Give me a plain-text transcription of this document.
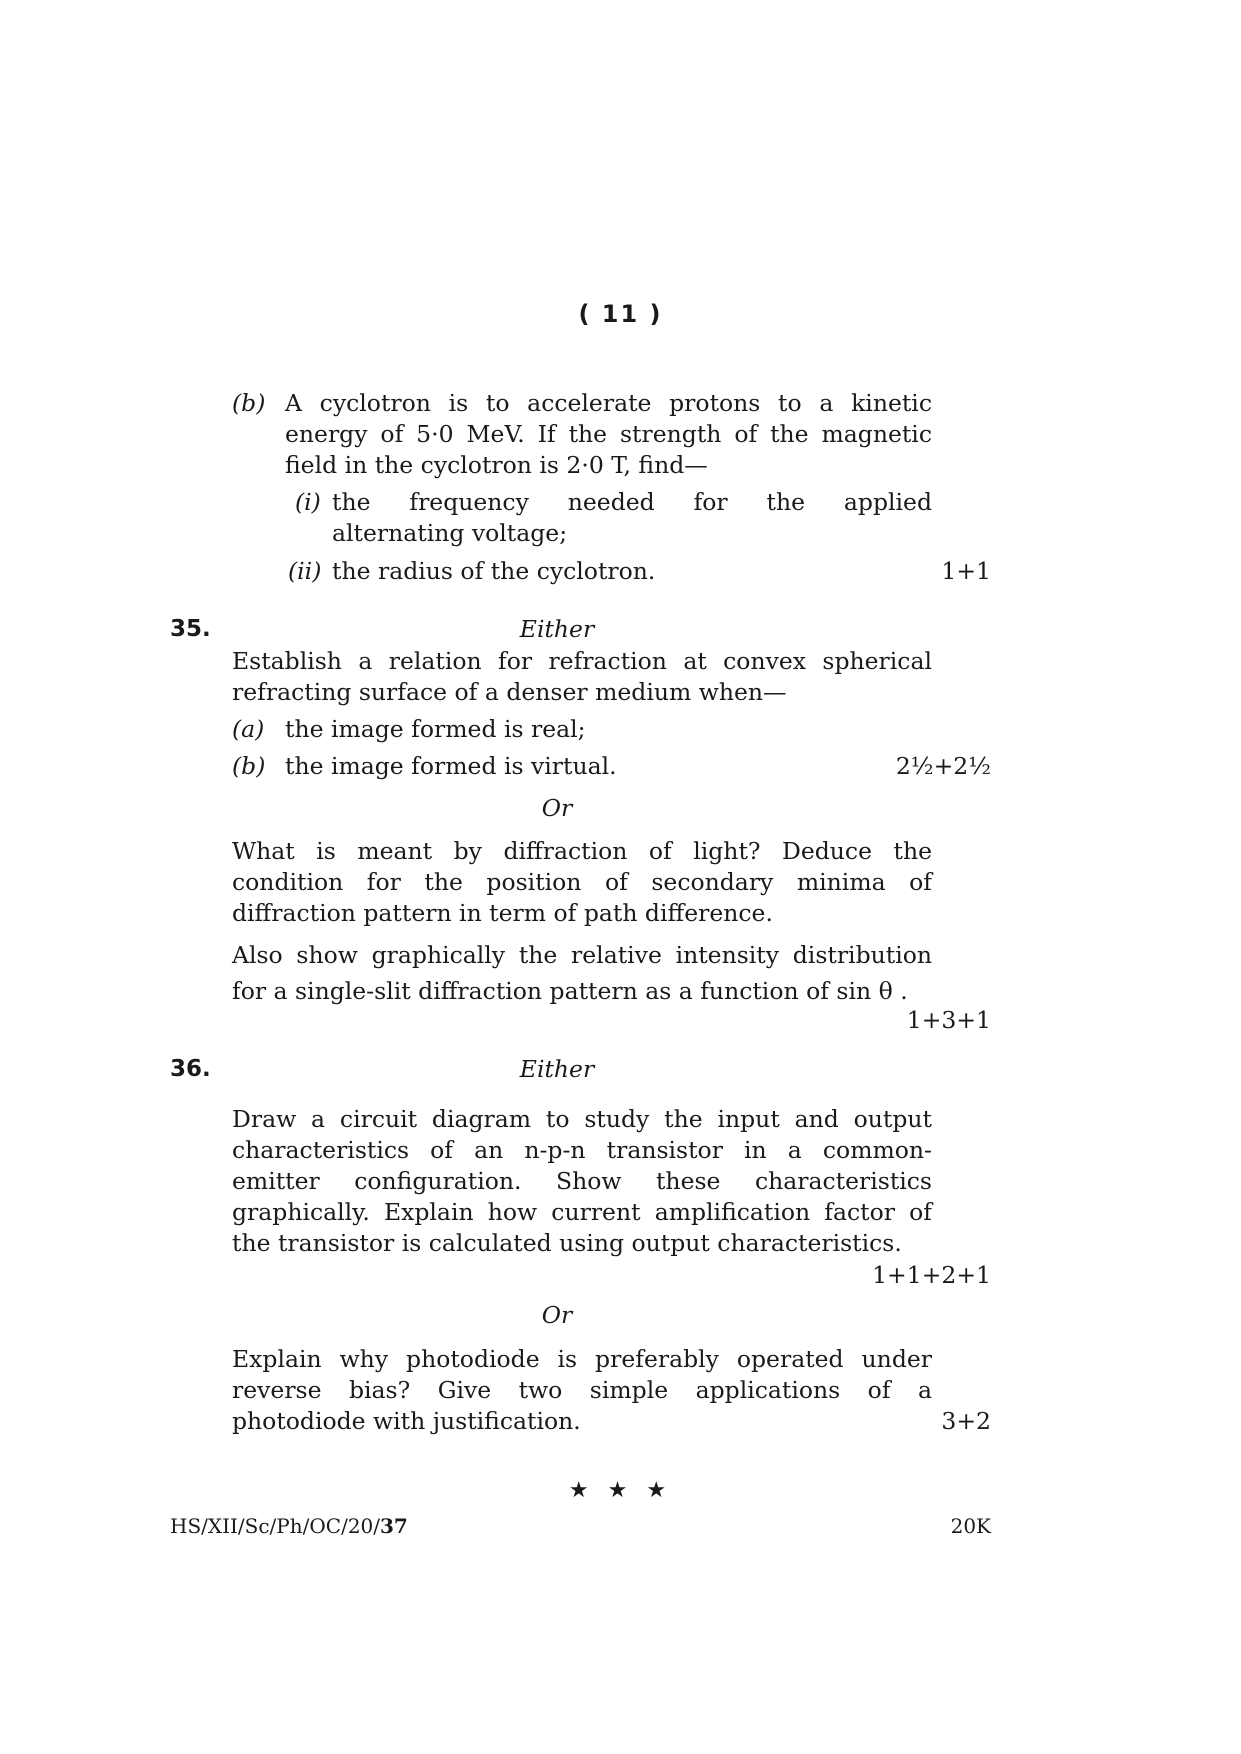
( 11 )
(b) A cyclotron is to accelerate protons to a kinetic
energy of 5·0 MeV. If the strength of the magnetic
field in the cyclotron is 2·0 T, find—
(i) the frequency needed for the applied
alternating voltage;
(ii) the radius of the cyclotron.	1+1
35.	Either
Establish a relation for refraction at convex spherical
refracting surface of a denser medium when—
(a) the image formed is real;
(b) the image formed is virtual.	2½+2½
Or
What is meant by diffraction of light? Deduce the
condition for the position of secondary minima of
diffraction pattern in term of path difference.
Also show graphically the relative intensity distribution
for a single-slit diffraction pattern as a function of sin θ .
1+3+1
36.	Either
Draw a circuit diagram to study the input and output
characteristics of an n-p-n transistor in a common-
emitter configuration. Show these characteristics
graphically. Explain how current amplification factor of
the transistor is calculated using output characteristics.
1+1+2+1
Or
Explain why photodiode is preferably operated under
reverse bias? Give two simple applications of a
photodiode with justification.	3+2
★ ★ ★
HS/XII/Sc/Ph/OC/20/37	20K
